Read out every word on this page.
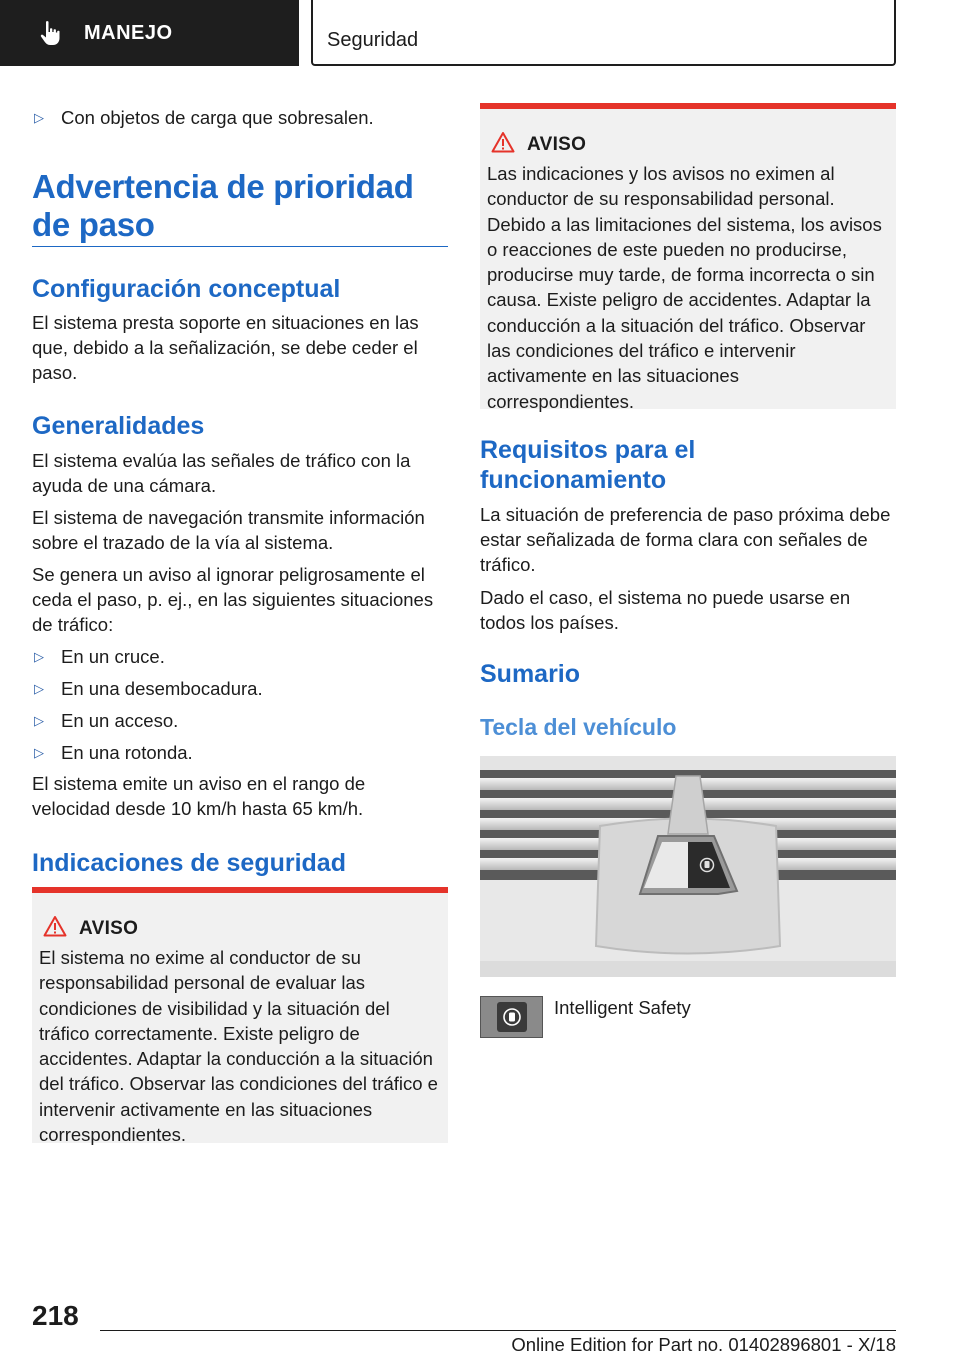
MANEJO	Seguridad
▷ Con objetos de carga que sobresalen.
Advertencia de prioridad de paso
Configuración conceptual
El sistema presta soporte en situaciones en las que, debido a la señalización, se debe ceder el paso.
Generalidades
El sistema evalúa las señales de tráfico con la ayuda de una cámara.
El sistema de navegación transmite información sobre el trazado de la vía al sistema.
Se genera un aviso al ignorar peligrosamente el ceda el paso, p. ej., en las siguientes situaciones de tráfico:
▷ En un cruce.
▷ En una desembocadura.
▷ En un acceso.
▷ En una rotonda.
El sistema emite un aviso en el rango de velocidad desde 10 km/h hasta 65 km/h.
Indicaciones de seguridad
AVISO
El sistema no exime al conductor de su responsabilidad personal de evaluar las condiciones de visibilidad y la situación del tráfico correctamente. Existe peligro de accidentes. Adaptar la conducción a la situación del tráfico. Observar las condiciones del tráfico e intervenir activamente en las situaciones correspondientes.
AVISO
Las indicaciones y los avisos no eximen al conductor de su responsabilidad personal. Debido a las limitaciones del sistema, los avisos o reacciones de este pueden no producirse, producirse muy tarde, de forma incorrecta o sin causa. Existe peligro de accidentes. Adaptar la conducción a la situación del tráfico. Observar las condiciones del tráfico e intervenir activamente en las situaciones correspondientes.
Requisitos para el funcionamiento
La situación de preferencia de paso próxima debe estar señalizada de forma clara con señales de tráfico.
Dado el caso, el sistema no puede usarse en todos los países.
Sumario
Tecla del vehículo
Intelligent Safety
218
Online Edition for Part no. 01402896801 - X/18
